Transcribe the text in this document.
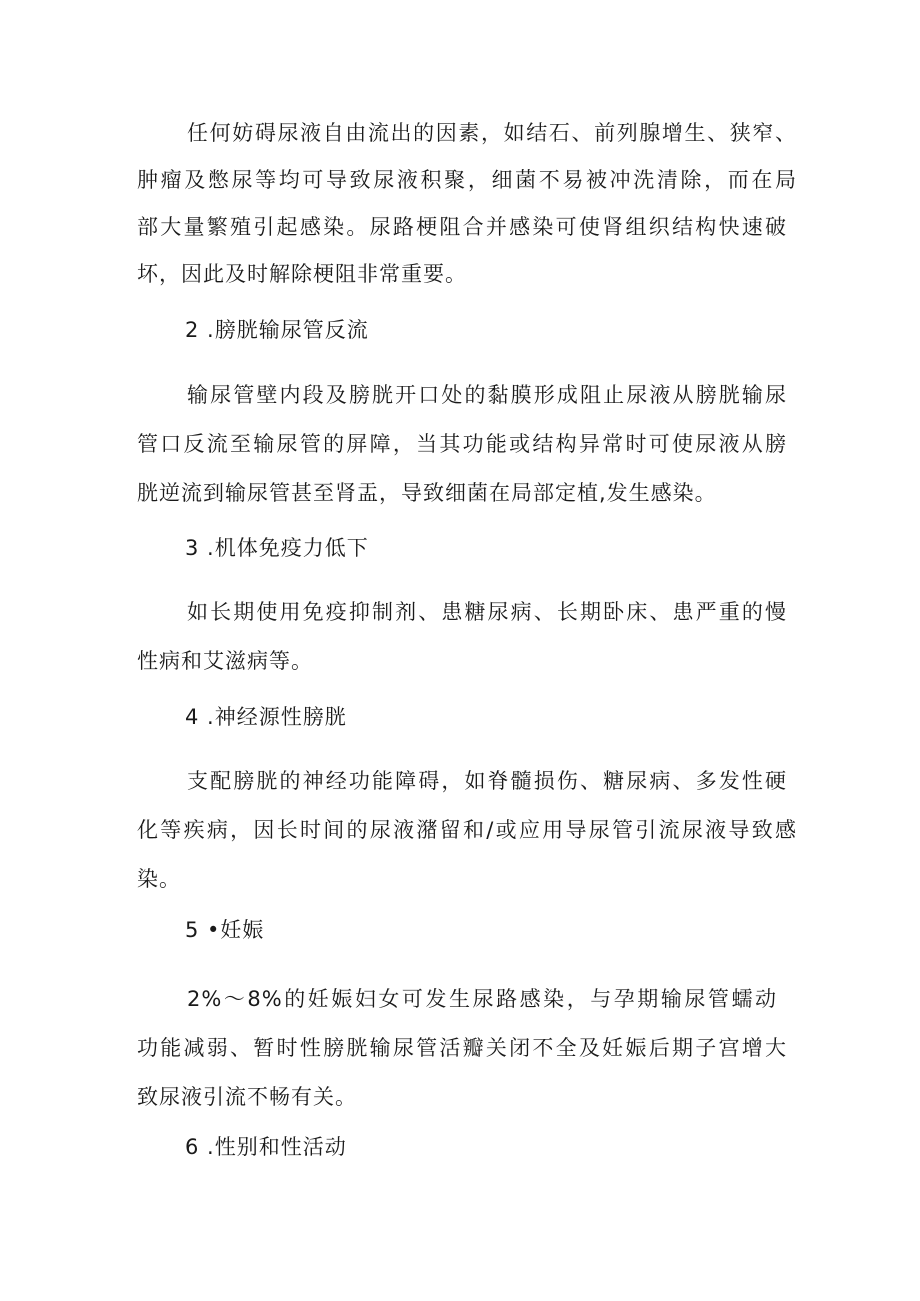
任何妨碍尿液自由流出的因素，如结石、前列腺增生、狭窄、
肿瘤及憋尿等均可导致尿液积聚，细菌不易被冲洗清除，而在局
部大量繁殖引起感染。尿路梗阻合并感染可使肾组织结构快速破
坏，因此及时解除梗阻非常重要。
2 .膀胱输尿管反流
输尿管壁内段及膀胱开口处的黏膜形成阻止尿液从膀胱输尿
管口反流至输尿管的屏障，当其功能或结构异常时可使尿液从膀
胱逆流到输尿管甚至肾盂，导致细菌在局部定植,发生感染。
3 .机体免疫力低下
如长期使用免疫抑制剂、患糖尿病、长期卧床、患严重的慢
性病和艾滋病等。
4 .神经源性膀胱
支配膀胱的神经功能障碍，如脊髓损伤、糖尿病、多发性硬
化等疾病，因长时间的尿液潴留和/或应用导尿管引流尿液导致感
染。
5 •妊娠
2%～8%的妊娠妇女可发生尿路感染，与孕期输尿管蠕动
功能减弱、暂时性膀胱输尿管活瓣关闭不全及妊娠后期子宫增大
致尿液引流不畅有关。
6 .性别和性活动
